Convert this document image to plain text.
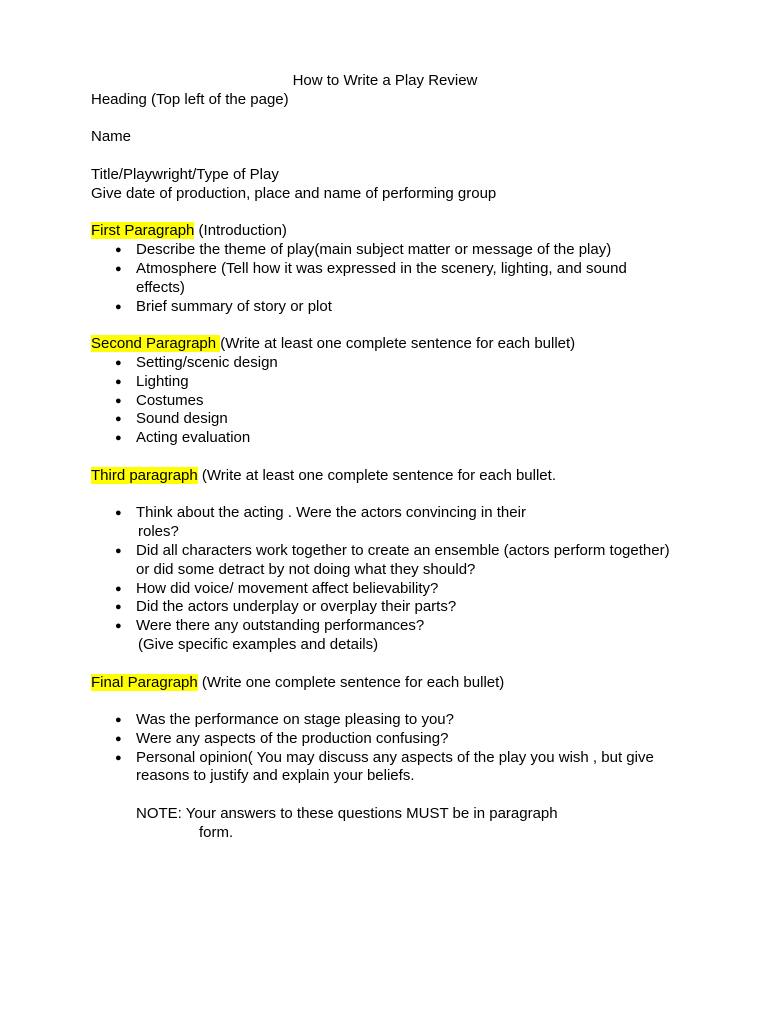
How to Write a Play Review

Heading (Top left of the page)

Name

Title/Playwright/Type of Play

Give date of production, place and name of performing group

First Paragraph (Introduction)

● Describe the theme of play(main subject matter or message of the play)
● Atmosphere (Tell how it was expressed in the scenery, lighting, and sound effects)
● Brief summary of story or plot

Second Paragraph (Write at least one complete sentence for each bullet)

● Setting/scenic design
● Lighting
● Costumes
● Sound design
● Acting evaluation

Third paragraph (Write at least one complete sentence for each bullet.

● Think about the acting . Were the actors convincing in their
roles?
● Did all characters work together to create an ensemble (actors perform together) or did some detract by not doing what they should?
● How did voice/ movement affect believability?
● Did the actors underplay or overplay their parts?
● Were there any outstanding performances?
(Give specific examples and details)

Final Paragraph (Write one complete sentence for each bullet)

● Was the performance on stage pleasing to you?
● Were any aspects of the production confusing?
● Personal opinion( You may discuss any aspects of the play you wish , but give reasons to justify and explain your beliefs.
NOTE: Your answers to these questions MUST be in paragraph
form.
